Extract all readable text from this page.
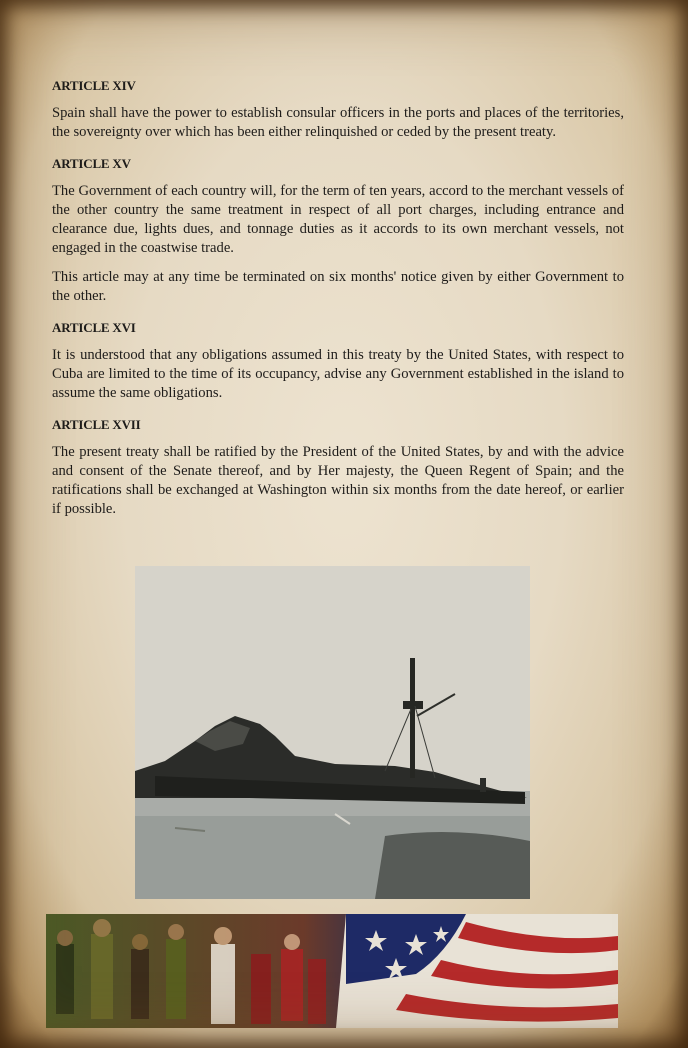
ARTICLE XIV

Spain shall have the power to establish consular officers in the ports and places of the territories, the sovereignty over which has been either relinquished or ceded by the present treaty.

ARTICLE XV

The Government of each country will, for the term of ten years, accord to the merchant vessels of the other country the same treatment in respect of all port charges, including entrance and clearance due, lights dues, and tonnage duties as it accords to its own merchant vessels, not engaged in the coastwise trade.

This article may at any time be terminated on six months' notice given by either Government to the other.

ARTICLE XVI

It is understood that any obligations assumed in this treaty by the United States, with respect to Cuba are limited to the time of its occupancy, advise any Government established in the island to assume the same obligations.

ARTICLE XVII

The present treaty shall be ratified by the President of the United States, by and with the advice and consent of the Senate thereof, and by Her majesty, the Queen Regent of Spain; and the ratifications shall be exchanged at Washington within six months from the date hereof, or earlier if possible.
